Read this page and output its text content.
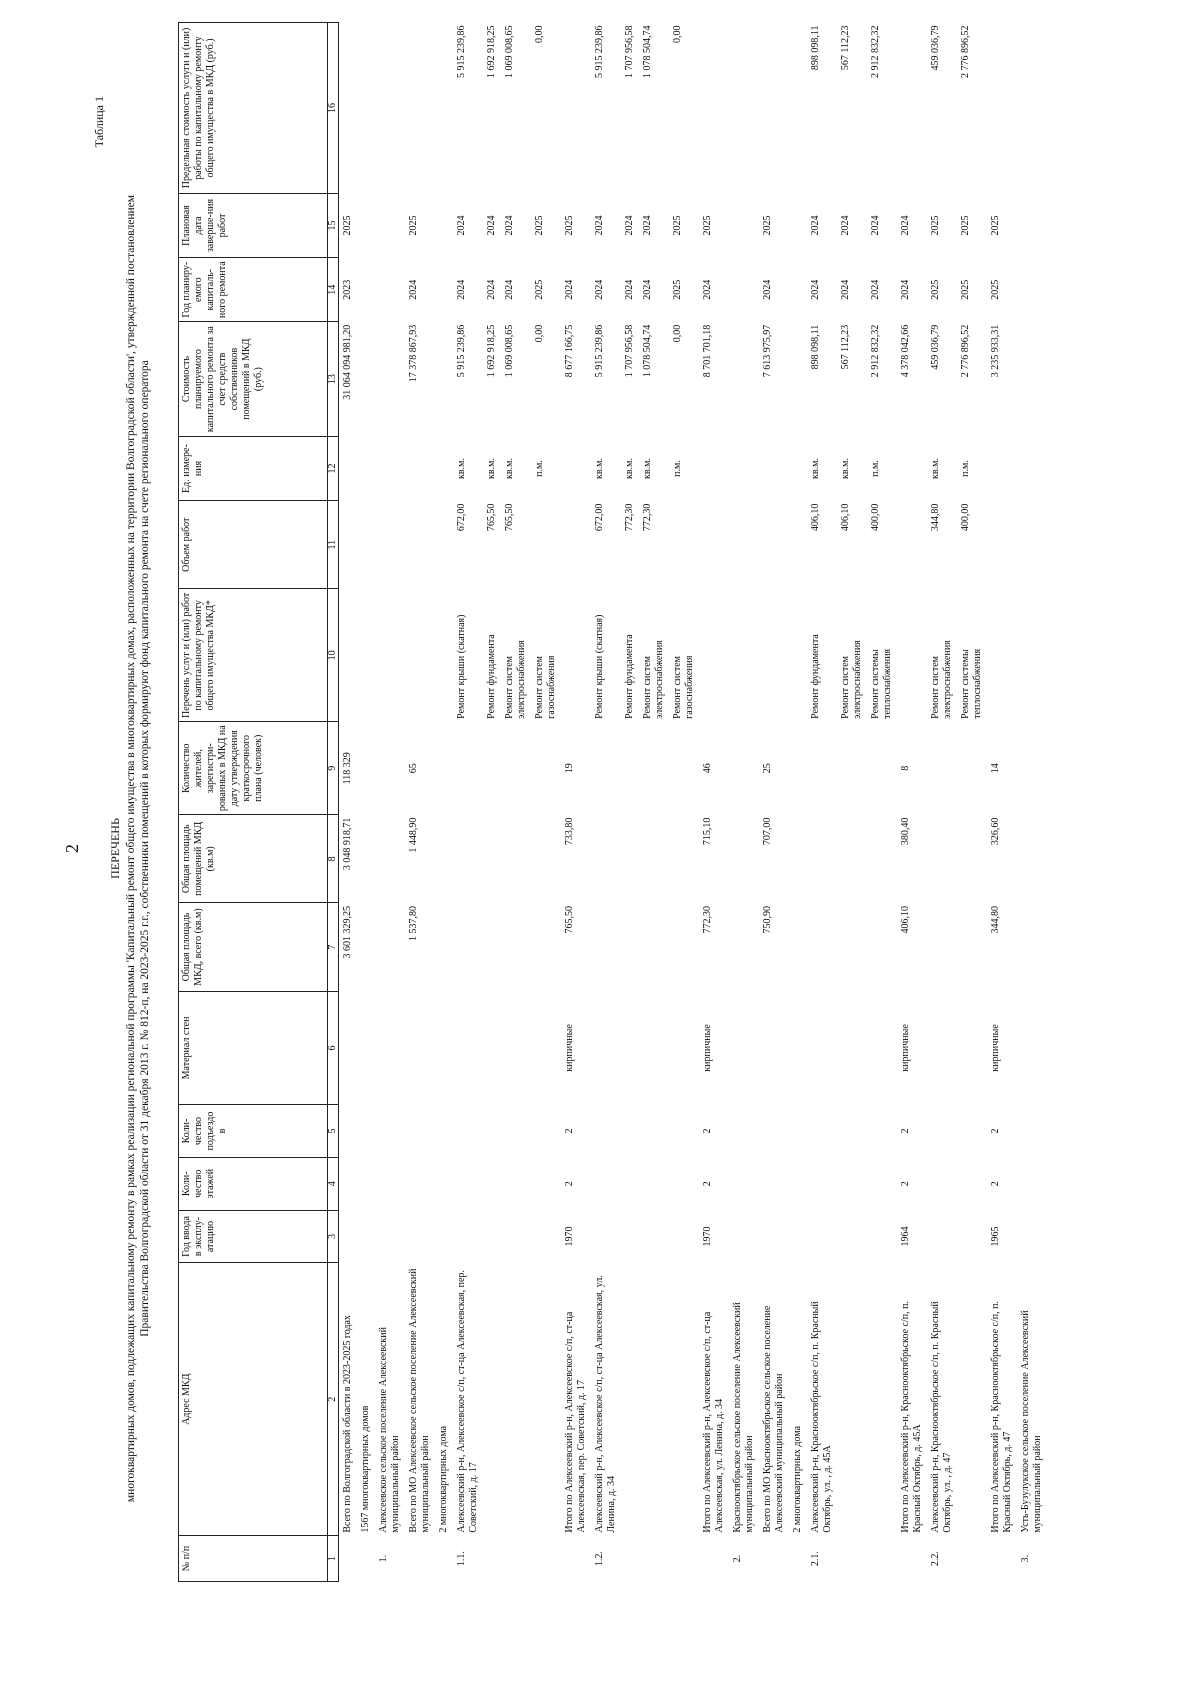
2
Таблица 1
ПЕРЕЧЕНЬ многоквартирных домов, подлежащих капитальному ремонту в рамках реализации региональной программы 'Капитальный ремонт общего имущества в многоквартирных домах, расположенных на территории Волгоградской области', утвержденной постановлением Правительства Волгоградской области от 31 декабря 2013 г. № 812-п, на 2023-2025 г.г., собственники помещений в которых формируют фонд капитального ремонта на счете регионального оператора
№ п/п	Адрес МКД	Год ввода в эксплу-атацию	Коли-чество этажей	Коли-чество подъездо в	Материал стен	Общая площадь МКД, всего (кв.м)	Общая площадь помещений МКД (кв.м)	Количество жителей, зарегистри-рованных в МКД на дату утверждения краткосрочного плана (человек)	Перечень услуг и (или) работ по капитальному ремонту общего имущества МКД*	Объем работ	Ед. измере-ния	Стоимость планируемого капитального ремонта за счет средств собственников помещений в МКД (руб.)	Год планиру-емого капиталь-ного ремонта	Плановая дата заверше-ния работ	Предельная стоимость услуги и (или) работы по капитальному ремонту общего имущества в МКД (руб.)
1	2	3	4	5	6	7	8	9	10	11	12	13	14	15	16
	Всего по Волгоградской области в 2023-2025 годах					3 601 329,25	3 048 918,71	118 329				31 064 094 981,20	2023	2025	
	1567 многоквартирных домов														
1.	Алексеевское сельское поселение Алексеевский муниципальный район														
	Всего по МО Алексеевское сельское поселение Алексеевский муниципальный район					1 537,80	1 448,90	65				17 378 867,93	2024	2025	
	2 многоквартирных дома														
1.1.	Алексеевский р-н, Алексеевское с/п, ст-ца Алексеевская, пер. Советский, д. 17								Ремонт крыши (скатная)	672,00	кв.м.	5 915 239,86	2024	2024	5 915 239,86
									Ремонт фундамента	765,50	кв.м.	1 692 918,25	2024	2024	1 692 918,25
									Ремонт систем электроснабжения	765,50	кв.м.	1 069 008,65	2024	2024	1 069 008,65
									Ремонт систем газоснабжения		п.м.	0,00	2025	2025	0,00
	Итого по Алексеевский р-н, Алексеевское с/п, ст-ца Алексеевская, пер. Советский, д. 17	1970	2	2	кирпичные	765,50	733,80	19				8 677 166,75	2024	2025	
1.2.	Алексеевский р-н, Алексеевское с/п, ст-ца Алексеевская, ул. Ленина, д. 34								Ремонт крыши (скатная)	672,00	кв.м.	5 915 239,86	2024	2024	5 915 239,86
									Ремонт фундамента	772,30	кв.м.	1 707 956,58	2024	2024	1 707 956,58
									Ремонт систем электроснабжения	772,30	кв.м.	1 078 504,74	2024	2024	1 078 504,74
									Ремонт систем газоснабжения		п.м.	0,00	2025	2025	0,00
	Итого по Алексеевский р-н, Алексеевское с/п, ст-ца Алексеевская, ул. Ленина, д. 34	1970	2	2	кирпичные	772,30	715,10	46				8 701 701,18	2024	2025	
2.	Краснооктябрьское сельское поселение Алексеевский муниципальный район														
	Всего по МО Краснооктябрьское сельское поселение Алексеевский муниципальный район					750,90	707,00	25				7 613 975,97	2024	2025	
	2 многоквартирных дома														
2.1.	Алексеевский р-н, Краснооктябрьское с/п, п. Красный Октябрь, ул. , д. 45А								Ремонт фундамента	406,10	кв.м.	898 098,11	2024	2024	898 098,11
									Ремонт систем электроснабжения	406,10	кв.м.	567 112,23	2024	2024	567 112,23
									Ремонт системы теплоснабжения	400,00	п.м.	2 912 832,32	2024	2024	2 912 832,32
	Итого по Алексеевский р-н, Краснооктябрьское с/п, п. Красный Октябрь, д. 45А	1964	2	2	кирпичные	406,10	380,40	8				4 378 042,66	2024	2024	
2.2.	Алексеевский р-н, Краснооктябрьское с/п, п. Красный Октябрь, ул. , д. 47								Ремонт систем электроснабжения	344,80	кв.м.	459 036,79	2025	2025	459 036,79
									Ремонт системы теплоснабжения	400,00	п.м.	2 776 896,52	2025	2025	2 776 896,52
	Итого по Алексеевский р-н, Краснооктябрьское с/п, п. Красный Октябрь, д. 47	1965	2	2	кирпичные	344,80	326,60	14				3 235 933,31	2025	2025	
3.	Усть-Бузулукское сельское поселение Алексеевский муниципальный район														
